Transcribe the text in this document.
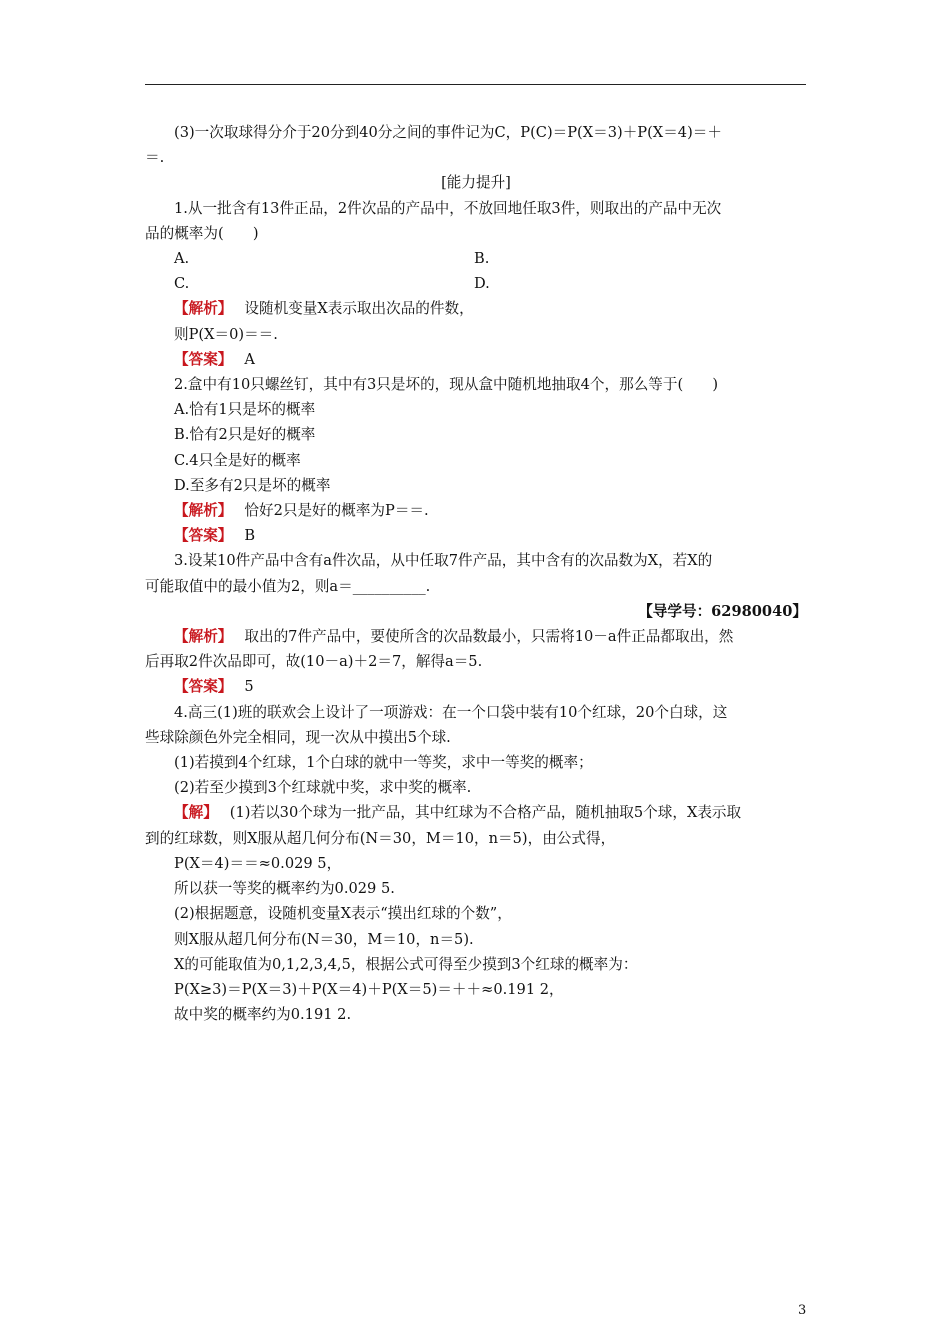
(3)一次取球得分介于20分到40分之间的事件记为C，P(C)＝P(X＝3)＋P(X＝4)＝＋

＝.

[能力提升]

1.从一批含有13件正品，2件次品的产品中，不放回地任取3件，则取出的产品中无次

品的概率为(　　)

A.	B.
C.	D.

【解析】 设随机变量X表示取出次品的件数，

则P(X＝0)＝＝.

【答案】 A

2.盒中有10只螺丝钉，其中有3只是坏的，现从盒中随机地抽取4个，那么等于(　　)

A.恰有1只是坏的概率

B.恰有2只是好的概率

C.4只全是好的概率

D.至多有2只是坏的概率

【解析】 恰好2只是好的概率为P＝＝.

【答案】 B

3.设某10件产品中含有a件次品，从中任取7件产品，其中含有的次品数为X，若X的

可能取值中的最小值为2，则a＝__________.

【导学号：62980040】

【解析】 取出的7件产品中，要使所含的次品数最小，只需将10－a件正品都取出，然

后再取2件次品即可，故(10－a)＋2＝7，解得a＝5.

【答案】 5

4.高三(1)班的联欢会上设计了一项游戏：在一个口袋中装有10个红球，20个白球，这

些球除颜色外完全相同，现一次从中摸出5个球.

(1)若摸到4个红球，1个白球的就中一等奖，求中一等奖的概率；

(2)若至少摸到3个红球就中奖，求中奖的概率.

【解】 (1)若以30个球为一批产品，其中红球为不合格产品，随机抽取5个球，X表示取

到的红球数，则X服从超几何分布(N＝30，M＝10，n＝5)，由公式得，

P(X＝4)＝＝≈0.029 5，

所以获一等奖的概率约为0.029 5.

(2)根据题意，设随机变量X表示“摸出红球的个数”，

则X服从超几何分布(N＝30，M＝10，n＝5).

X的可能取值为0,1,2,3,4,5，根据公式可得至少摸到3个红球的概率为：

P(X≥3)＝P(X＝3)＋P(X＝4)＋P(X＝5)＝＋＋≈0.191 2，

故中奖的概率约为0.191 2.

3
